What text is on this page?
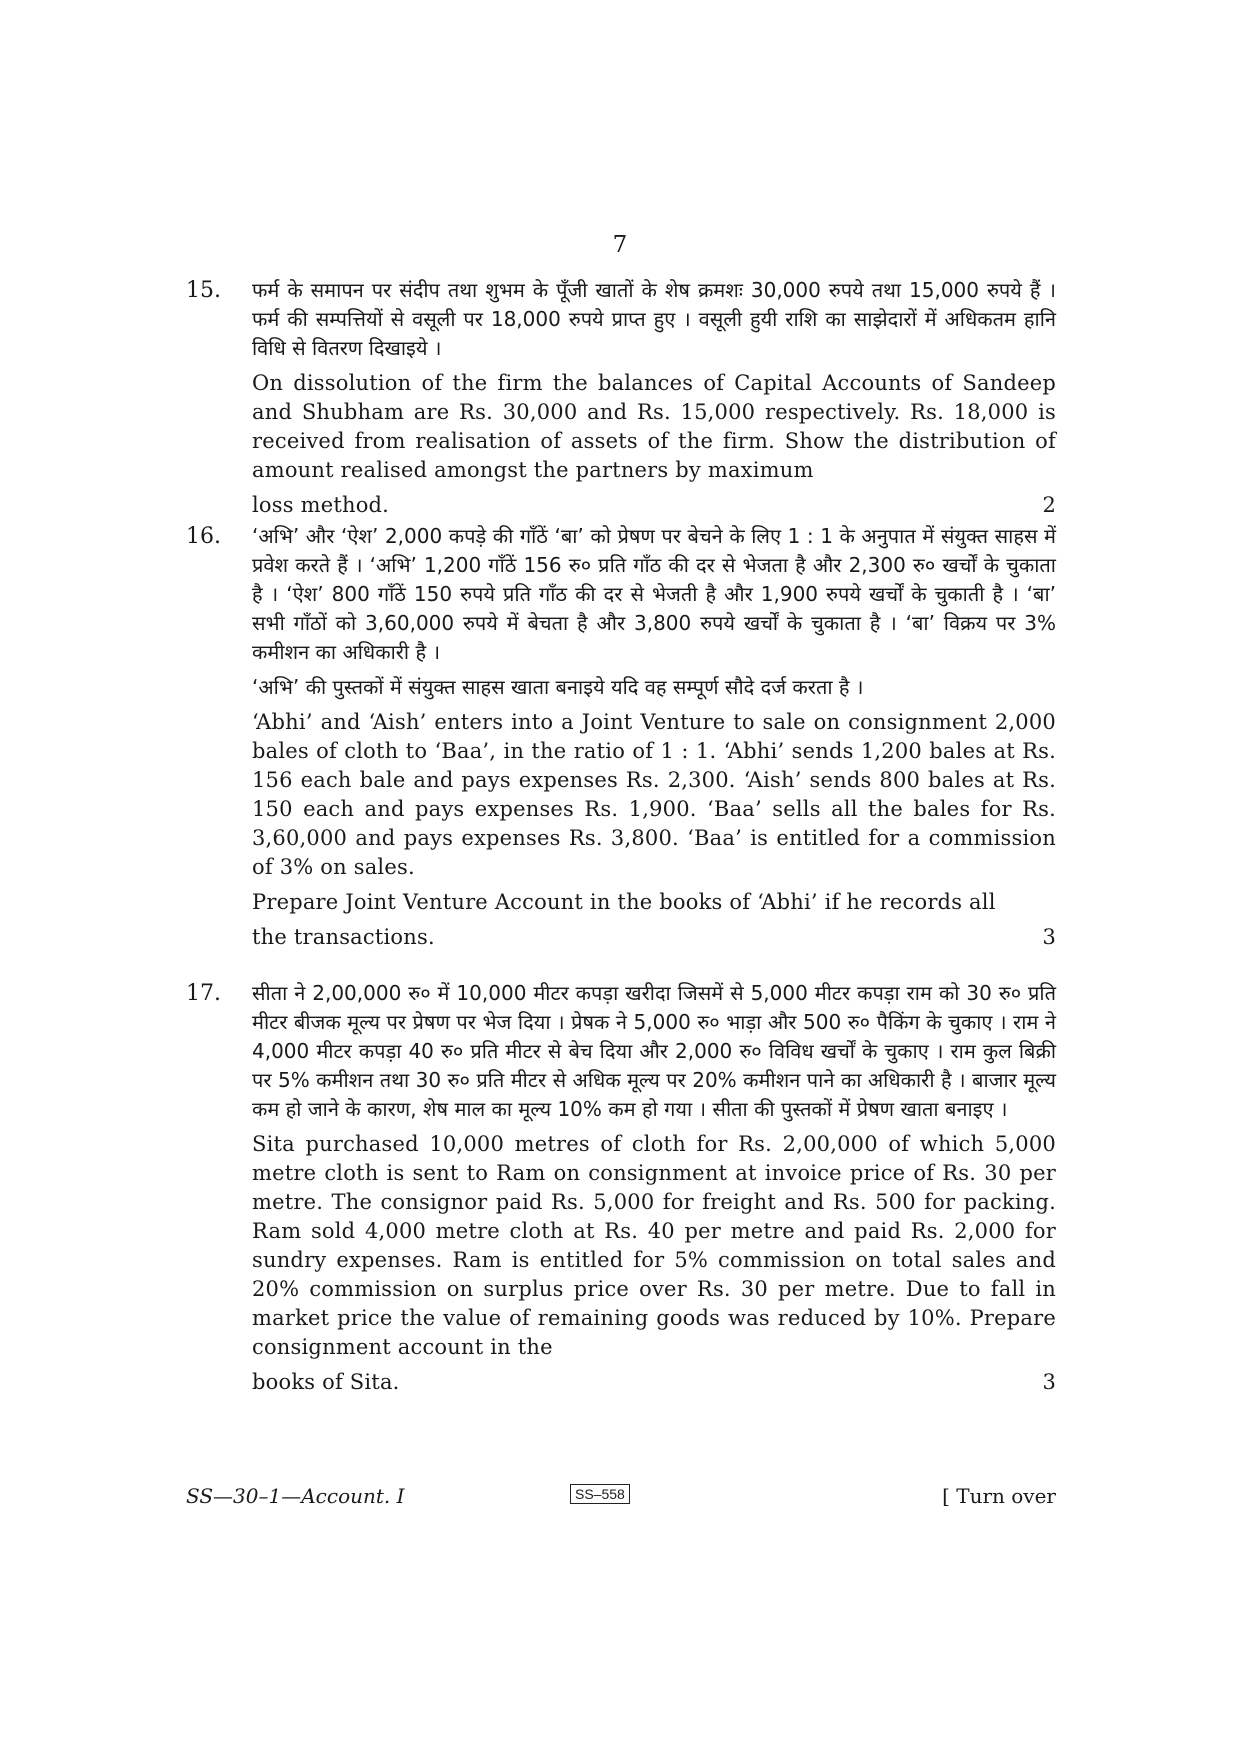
7
15. फर्म के समापन पर संदीप तथा शुभम के पूँजी खातों के शेष क्रमशः 30,000 रुपये तथा 15,000 रुपये हैं । फर्म की सम्पत्तियों से वसूली पर 18,000 रुपये प्राप्त हुए । वसूली हुयी राशि का साझेदारों में अधिकतम हानि विधि से वितरण दिखाइये ।

On dissolution of the firm the balances of Capital Accounts of Sandeep and Shubham are Rs. 30,000 and Rs. 15,000 respectively. Rs. 18,000 is received from realisation of assets of the firm. Show the distribution of amount realised amongst the partners by maximum

loss method.	2
16. ‘अभि’ और ‘ऐश’ 2,000 कपड़े की गाँठें ‘बा’ को प्रेषण पर बेचने के लिए 1 : 1 के अनुपात में संयुक्त साहस में प्रवेश करते हैं । ‘अभि’ 1,200 गाँठें 156 रु० प्रति गाँठ की दर से भेजता है और 2,300 रु० खर्चों के चुकाता है । ‘ऐश’ 800 गाँठें 150 रुपये प्रति गाँठ की दर से भेजती है और 1,900 रुपये खर्चों के चुकाती है । ‘बा’ सभी गाँठों को 3,60,000 रुपये में बेचता है और 3,800 रुपये खर्चों के चुकाता है । ‘बा’ विक्रय पर 3% कमीशन का अधिकारी है ।

‘अभि’ की पुस्तकों में संयुक्त साहस खाता बनाइये यदि वह सम्पूर्ण सौदे दर्ज करता है ।

‘Abhi’ and ‘Aish’ enters into a Joint Venture to sale on consignment 2,000 bales of cloth to ‘Baa’, in the ratio of 1 : 1. ‘Abhi’ sends 1,200 bales at Rs. 156 each bale and pays expenses Rs. 2,300. ‘Aish’ sends 800 bales at Rs. 150 each and pays expenses Rs. 1,900. ‘Baa’ sells all the bales for Rs. 3,60,000 and pays expenses Rs. 3,800. ‘Baa’ is entitled for a commission of 3% on sales.

Prepare Joint Venture Account in the books of ‘Abhi’ if he records all

the transactions.	3
17. सीता ने 2,00,000 रु० में 10,000 मीटर कपड़ा खरीदा जिसमें से 5,000 मीटर कपड़ा राम को 30 रु० प्रति मीटर बीजक मूल्य पर प्रेषण पर भेज दिया । प्रेषक ने 5,000 रु० भाड़ा और 500 रु० पैकिंग के चुकाए । राम ने 4,000 मीटर कपड़ा 40 रु० प्रति मीटर से बेच दिया और 2,000 रु० विविध खर्चों के चुकाए । राम कुल बिक्री पर 5% कमीशन तथा 30 रु० प्रति मीटर से अधिक मूल्य पर 20% कमीशन पाने का अधिकारी है । बाजार मूल्य कम हो जाने के कारण, शेष माल का मूल्य 10% कम हो गया । सीता की पुस्तकों में प्रेषण खाता बनाइए ।

Sita purchased 10,000 metres of cloth for Rs. 2,00,000 of which 5,000 metre cloth is sent to Ram on consignment at invoice price of Rs. 30 per metre. The consignor paid Rs. 5,000 for freight and Rs. 500 for packing. Ram sold 4,000 metre cloth at Rs. 40 per metre and paid Rs. 2,000 for sundry expenses. Ram is entitled for 5% commission on total sales and 20% commission on surplus price over Rs. 30 per metre. Due to fall in market price the value of remaining goods was reduced by 10%. Prepare consignment account in the

books of Sita.	3
SS—30–1—Account. I	SS–558	[ Turn over
